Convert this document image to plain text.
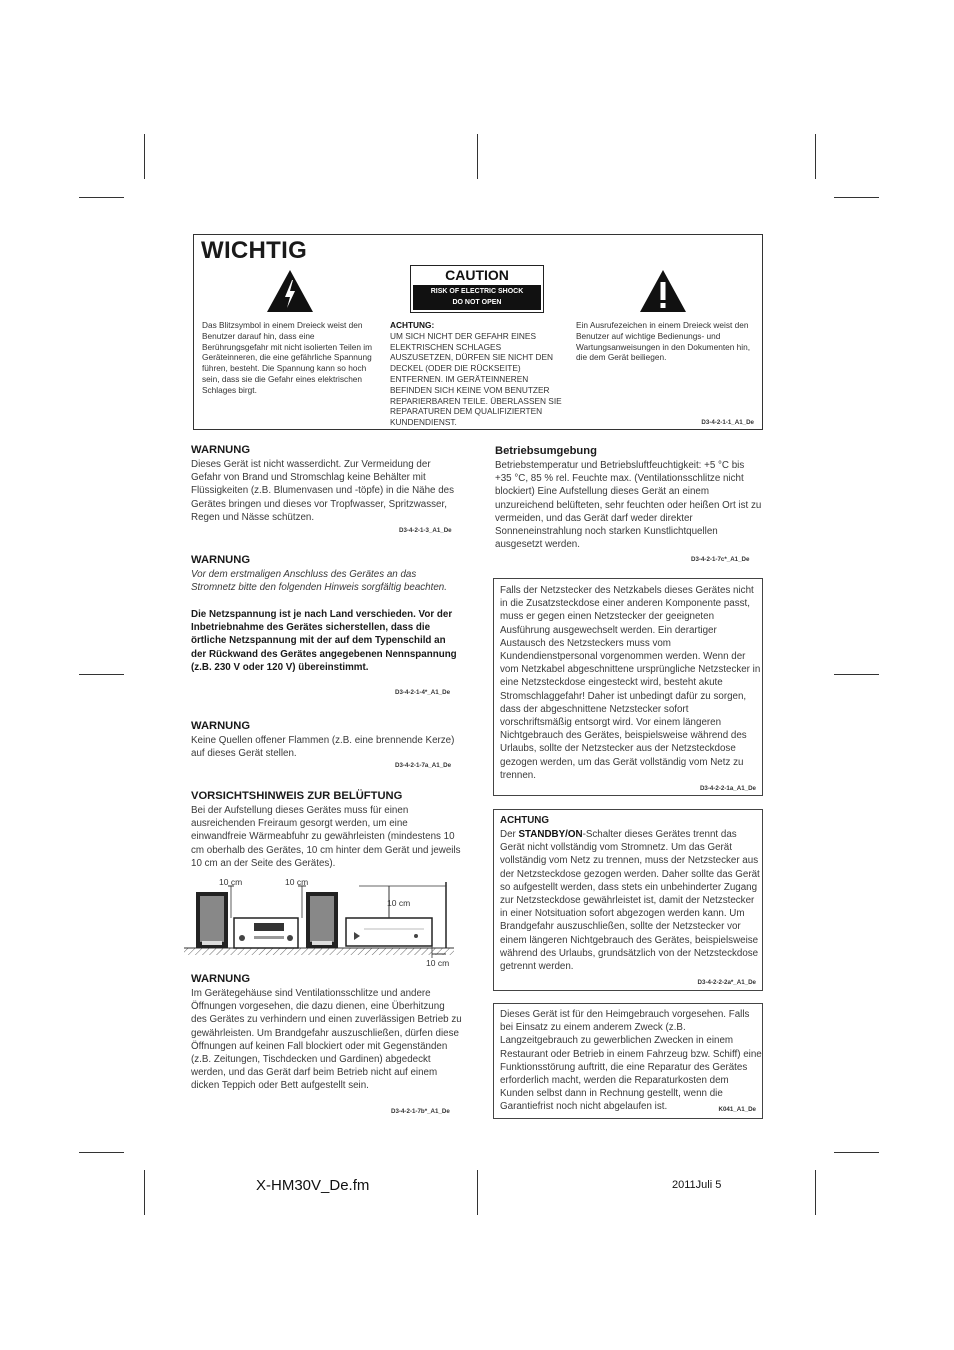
WICHTIG
CAUTION
RISK OF ELECTRIC SHOCK
DO NOT OPEN
Das Blitzsymbol in einem Dreieck weist den Benutzer darauf hin, dass eine Berührungsgefahr mit nicht isolierten Teilen im Geräteinneren, die eine gefährliche Spannung führen, besteht. Die Spannung kann so hoch sein, dass sie die Gefahr eines elektrischen Schlages birgt.
ACHTUNG:
UM SICH NICHT DER GEFAHR EINES ELEKTRISCHEN SCHLAGES AUSZUSETZEN, DÜRFEN SIE NICHT DEN DECKEL (ODER DIE RÜCKSEITE) ENTFERNEN. IM GERÄTEINNEREN BEFINDEN SICH KEINE VOM BENUTZER REPARIERBAREN TEILE. ÜBERLASSEN SIE REPARATUREN DEM QUALIFIZIERTEN KUNDENDIENST.
Ein Ausrufezeichen in einem Dreieck weist den Benutzer auf wichtige Bedienungs- und Wartungsanweisungen in den Dokumenten hin, die dem Gerät beiliegen.
D3-4-2-1-1_A1_De
WARNUNG
Dieses Gerät ist nicht wasserdicht. Zur Vermeidung der Gefahr von Brand und Stromschlag keine Behälter mit Flüssigkeiten (z.B. Blumenvasen und -töpfe) in die Nähe des Gerätes bringen und dieses vor Tropfwasser, Spritzwasser, Regen und Nässe schützen.
D3-4-2-1-3_A1_De
WARNUNG
Vor dem erstmaligen Anschluss des Gerätes an das Stromnetz bitte den folgenden Hinweis sorgfältig beachten.
Die Netzspannung ist je nach Land verschieden. Vor der Inbetriebnahme des Gerätes sicherstellen, dass die örtliche Netzspannung mit der auf dem Typenschild an der Rückwand des Gerätes angegebenen Nennspannung (z.B. 230 V oder 120 V) übereinstimmt.
D3-4-2-1-4*_A1_De
WARNUNG
Keine Quellen offener Flammen (z.B. eine brennende Kerze) auf dieses Gerät stellen.
D3-4-2-1-7a_A1_De
VORSICHTSHINWEIS ZUR BELÜFTUNG
Bei der Aufstellung dieses Gerätes muss für einen ausreichenden Freiraum gesorgt werden, um eine einwandfreie Wärmeabfuhr zu gewährleisten (mindestens 10 cm oberhalb des Gerätes, 10 cm hinter dem Gerät und jeweils 10 cm an der Seite des Gerätes).
10 cm	10 cm
10 cm
10 cm
WARNUNG
Im Gerätegehäuse sind Ventilationsschlitze und andere Öffnungen vorgesehen, die dazu dienen, eine Überhitzung des Gerätes zu verhindern und einen zuverlässigen Betrieb zu gewährleisten. Um Brandgefahr auszuschließen, dürfen diese Öffnungen auf keinen Fall blockiert oder mit Gegenständen (z.B. Zeitungen, Tischdecken und Gardinen) abgedeckt werden, und das Gerät darf beim Betrieb nicht auf einem dicken Teppich oder Bett aufgestellt sein.
D3-4-2-1-7b*_A1_De
Betriebsumgebung
Betriebstemperatur und Betriebsluftfeuchtigkeit: +5 °C bis +35 °C, 85 % rel. Feuchte max. (Ventilationsschlitze nicht blockiert) Eine Aufstellung dieses Gerät an einem unzureichend belüfteten, sehr feuchten oder heißen Ort ist zu vermeiden, und das Gerät darf weder direkter Sonneneinstrahlung noch starken Kunstlichtquellen ausgesetzt werden.
D3-4-2-1-7c*_A1_De
Falls der Netzstecker des Netzkabels dieses Gerätes nicht in die Zusatzsteckdose einer anderen Komponente passt, muss er gegen einen Netzstecker der geeigneten Ausführung ausgewechselt werden. Ein derartiger Austausch des Netzsteckers muss vom Kundendienstpersonal vorgenommen werden. Wenn der vom Netzkabel abgeschnittene ursprüngliche Netzstecker in eine Netzsteckdose eingesteckt wird, besteht akute Stromschlaggefahr! Daher ist unbedingt dafür zu sorgen, dass der abgeschnittene Netzstecker sofort vorschriftsmäßig entsorgt wird. Vor einem längeren Nichtgebrauch des Gerätes, beispielsweise während des Urlaubs, sollte der Netzstecker aus der Netzsteckdose gezogen werden, um das Gerät vollständig vom Netz zu trennen.
D3-4-2-2-1a_A1_De
ACHTUNG
Der STANDBY/ON-Schalter dieses Gerätes trennt das Gerät nicht vollständig vom Stromnetz. Um das Gerät vollständig vom Netz zu trennen, muss der Netzstecker aus der Netzsteckdose gezogen werden. Daher sollte das Gerät so aufgestellt werden, dass stets ein unbehinderter Zugang zur Netzsteckdose gewährleistet ist, damit der Netzstecker in einer Notsituation sofort abgezogen werden kann. Um Brandgefahr auszuschließen, sollte der Netzstecker vor einem längeren Nichtgebrauch des Gerätes, beispielsweise während des Urlaubs, grundsätzlich von der Netzsteckdose getrennt werden.
D3-4-2-2-2a*_A1_De
Dieses Gerät ist für den Heimgebrauch vorgesehen. Falls bei Einsatz zu einem anderem Zweck (z.B. Langzeitgebrauch zu gewerblichen Zwecken in einem Restaurant oder Betrieb in einem Fahrzeug bzw. Schiff) eine Funktionsstörung auftritt, die eine Reparatur des Gerätes erforderlich macht, werden die Reparaturkosten dem Kunden selbst dann in Rechnung gestellt, wenn die Garantiefrist noch nicht abgelaufen ist.	K041_A1_De
X-HM30V_De.fm	2011Juli 5
